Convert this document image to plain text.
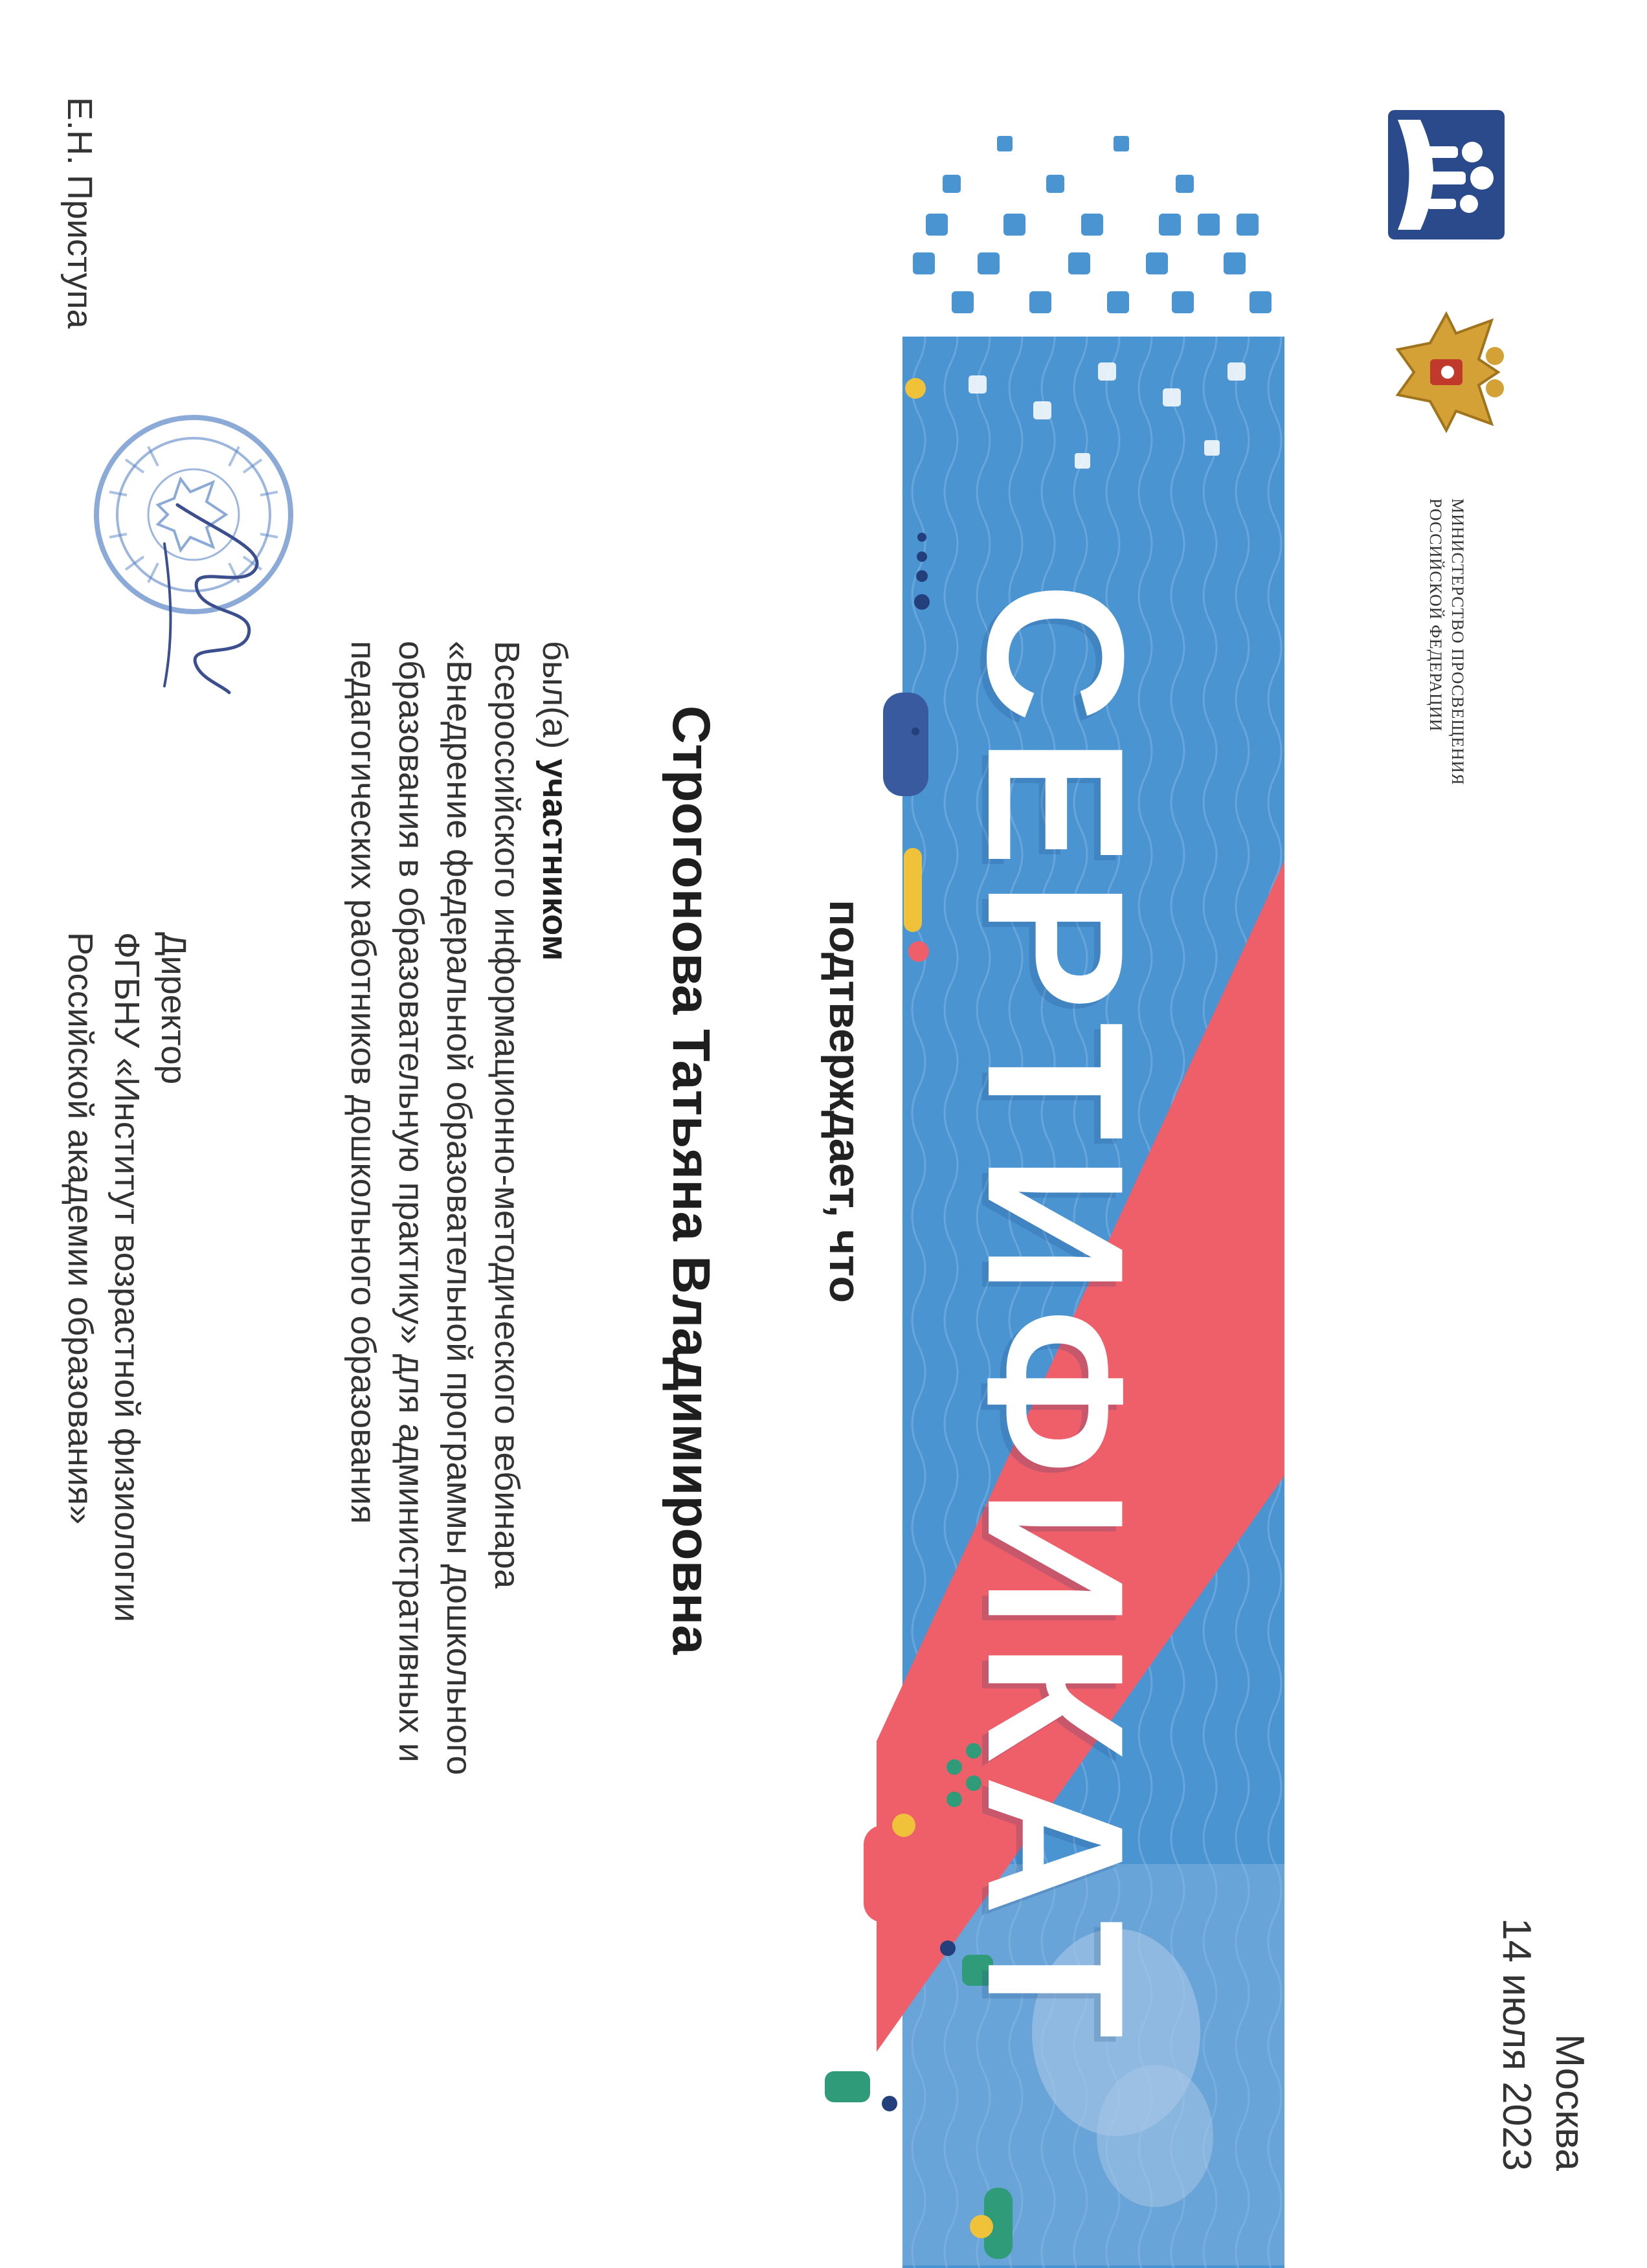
МИНИСТЕРСТВО ПРОСВЕЩЕНИЯ
РОССИЙСКОЙ ФЕДЕРАЦИИ
Москва
14 июля 2023
СЕРТИФИКАТ
подтверждает, что
Строгонова Татьяна Владимировна
был(а) участником
Всероссийского информационно-методического вебинара
«Внедрение федеральной образовательной программы дошкольного
образования в образовательную практику» для административных и
педагогических работников дошкольного образования
Директор
ФГБНУ «Институт возрастной физиологии
Российской академии образования»
Е.Н. Приступа
